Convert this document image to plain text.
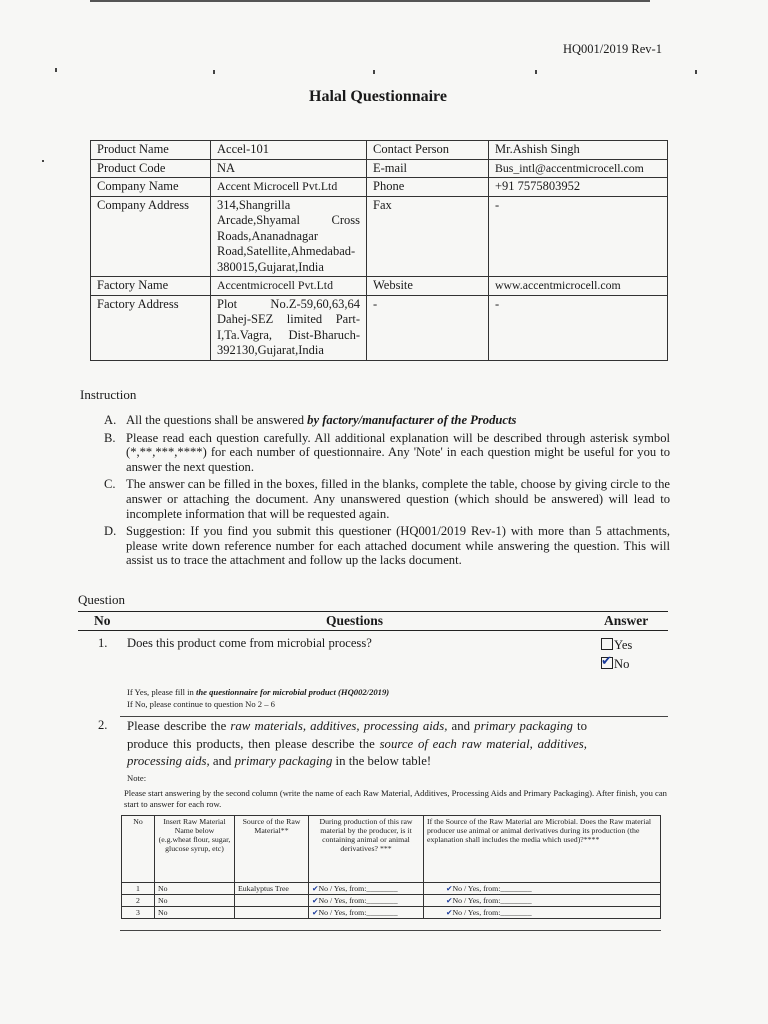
HQ001/2019 Rev-1
Halal Questionnaire
Product Name	Accel-101	Contact Person	Mr.Ashish Singh
Product Code	NA	E-mail	Bus_intl@accentmicrocell.com
Company Name	Accent Microcell Pvt.Ltd	Phone	+91 7575803952
Company Address	314,Shangrilla Arcade,Shyamal Cross Roads,Ananadnagar Road,Satellite,Ahmedabad-380015,Gujarat,India	Fax	-
Factory Name	Accentmicrocell Pvt.Ltd	Website	www.accentmicrocell.com
Factory Address	Plot No.Z-59,60,63,64 Dahej-SEZ limited Part-I,Ta.Vagra, Dist-Bharuch-392130,Gujarat,India	-	-
Instruction
A. All the questions shall be answered by factory/manufacturer of the Products
B. Please read each question carefully. All additional explanation will be described through asterisk symbol (*,**,***,****) for each number of questionnaire. Any 'Note' in each question might be useful for you to answer the next question.
C. The answer can be filled in the boxes, filled in the blanks, complete the table, choose by giving circle to the answer or attaching the document. Any unanswered question (which should be answered) will lead to incomplete information that will be requested again.
D. Suggestion: If you find you submit this questioner (HQ001/2019 Rev-1) with more than 5 attachments, please write down reference number for each attached document while answering the question. This will assist us to trace the attachment and follow up the lacks document.
Question
No	Questions	Answer
1. Does this product come from microbial process?	Yes
✔ No
If Yes, please fill in the questionnaire for microbial product (HQ002/2019)
If No, please continue to question No 2 – 6
2. Please describe the raw materials, additives, processing aids, and primary packaging to produce this products, then please describe the source of each raw material, additives, processing aids, and primary packaging in the below table!
Note:
Please start answering by the second column (write the name of each Raw Material, Additives, Processing Aids and Primary Packaging). After finish, you can start to answer for each row.
No	Insert Raw Material Name below (e.g.wheat flour, sugar, glucose syrup, etc)	Source of the Raw Material**	During production of this raw material by the producer, is it containing animal or animal derivatives? ***	If the Source of the Raw Material are Microbial. Does the Raw material producer use animal or animal derivatives during its production (the explanation shall includes the media which used)?****
1	No	Eukalyptus Tree	✔No / Yes, from:________	✔No / Yes, from:________
2	No		✔No / Yes, from:________	✔No / Yes, from:________
3	No		✔No / Yes, from:________	✔No / Yes, from:________
